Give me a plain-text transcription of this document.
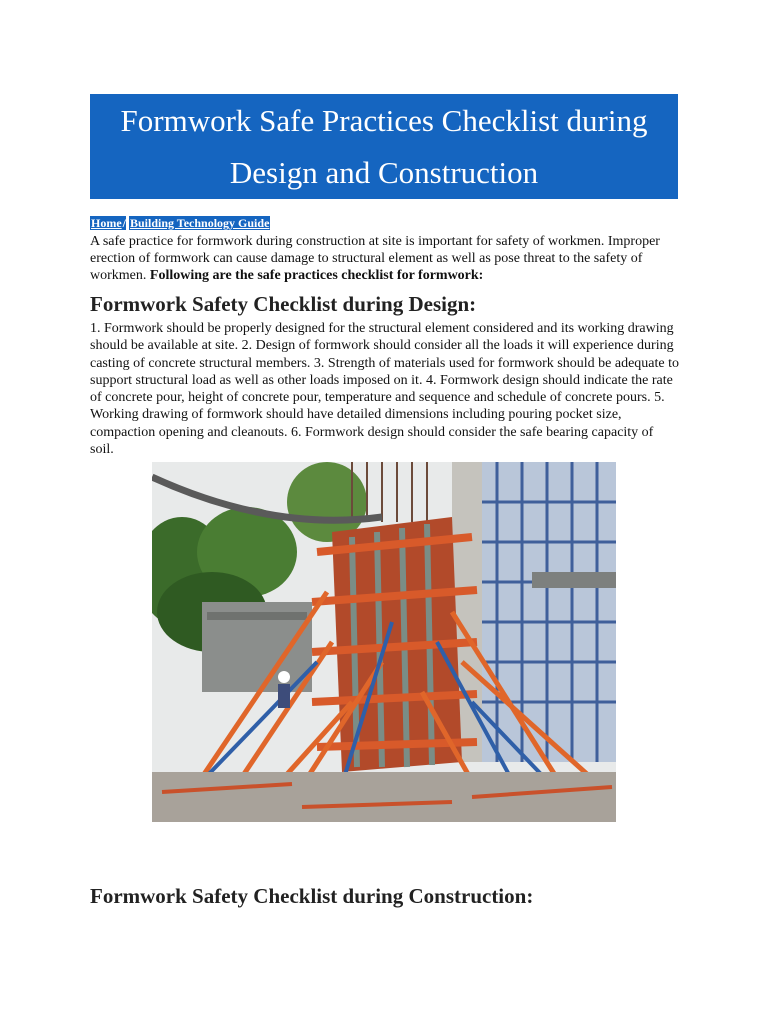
Formwork Safe Practices Checklist during
Design and Construction
Home/ Building Technology Guide

A safe practice for formwork during construction at site is important for safety of workmen. Improper erection of formwork can cause damage to structural element as well as pose threat to the safety of workmen. Following are the safe practices checklist for formwork:

Formwork Safety Checklist during Design:

1. Formwork should be properly designed for the structural element considered and its working drawing should be available at site. 2. Design of formwork should consider all the loads it will experience during casting of concrete structural members. 3. Strength of materials used for formwork should be adequate to support structural load as well as other loads imposed on it. 4. Formwork design should indicate the rate of concrete pour, height of concrete pour, temperature and sequence and schedule of concrete pours. 5. Working drawing of formwork should have detailed dimensions including pouring pocket size, compaction opening and cleanouts. 6. Formwork design should consider the safe bearing capacity of soil.

Formwork Safety Checklist during Construction:
